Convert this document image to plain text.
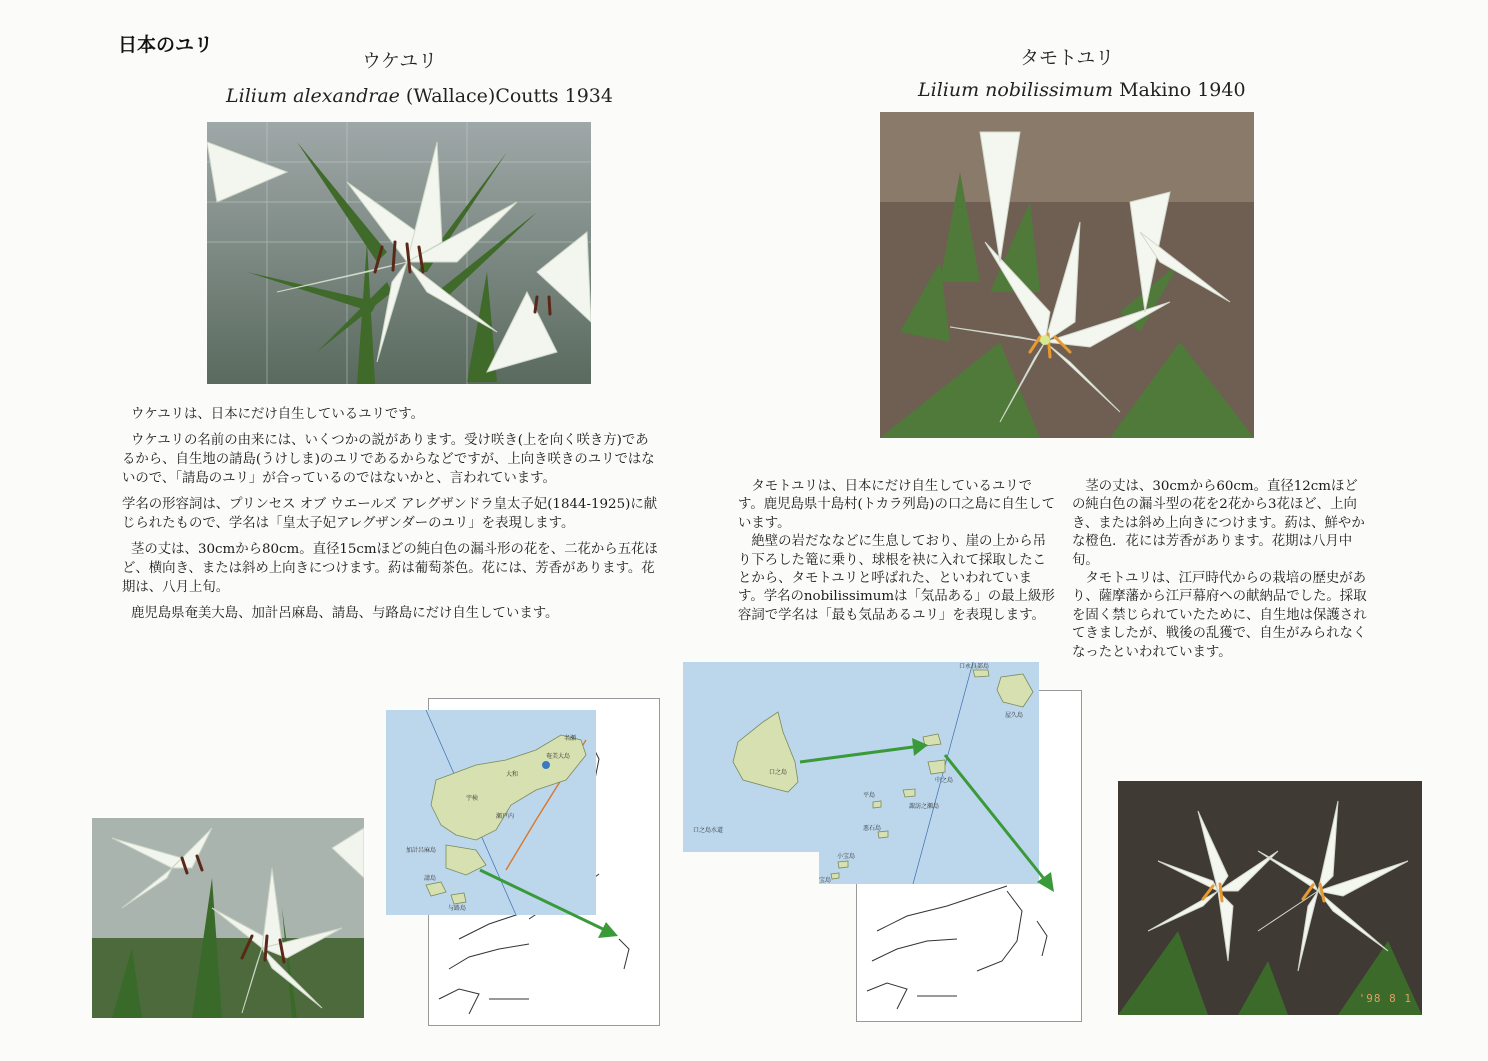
日本のユリ
ウケユリ
Lilium alexandrae (Wallace)Coutts 1934

ウケユリは、日本にだけ自生しているユリです。

ウケユリの名前の由来には、いくつかの説があります。受け咲き(上を向く咲き方)であるから、自生地の請島(うけしま)のユリであるからなどですが、上向き咲きのユリではないので、「請島のユリ」が合っているのではないかと、言われています。

学名の形容詞は、プリンセス オブ ウエールズ アレグザンドラ皇太子妃(1844-1925)に献じられたもので、学名は「皇太子妃アレグザンダーのユリ」を表現します。

茎の丈は、30cmから80cm。直径15cmほどの純白色の漏斗形の花を、二花から五花ほど、横向き、または斜め上向きにつけます。葯は葡萄茶色。花には、芳香があります。花期は、八月上旬。

鹿児島県奄美大島、加計呂麻島、請島、与路島にだけ自生しています。

奄美大島
名瀬
大和
宇検
瀬戸内
加計呂麻島
請島
与路島
タモトユリ
Lilium nobilissimum Makino 1940

　タモトユリは、日本にだけ自生しているユリです。鹿児島県十島村(トカラ列島)の口之島に自生しています。

　絶壁の岩だななどに生息しており、崖の上から吊り下ろした篭に乗り、球根を袂に入れて採取したことから、タモトユリと呼ばれた、といわれています。学名のnobilissimumは「気品ある」の最上級形容詞で学名は「最も気品あるユリ」を表現します。

　茎の丈は、30cmから60cm。直径12cmほどの純白色の漏斗型の花を2花から3花ほど、上向き、または斜め上向きにつけます。葯は、鮮やかな橙色．花には芳香があります。花期は八月中旬。

　タモトユリは、江戸時代からの栽培の歴史があり、薩摩藩から江戸幕府への献納品でした。採取を固く禁じられていたために、自生地は保護されてきましたが、戦後の乱獲で、自生がみられなくなったといわれています。

口之島
口永良部島
屋久島
中之島
諏訪之瀬島
平島
悪石島
小宝島
宝島
口之島水道
'98 8 1
